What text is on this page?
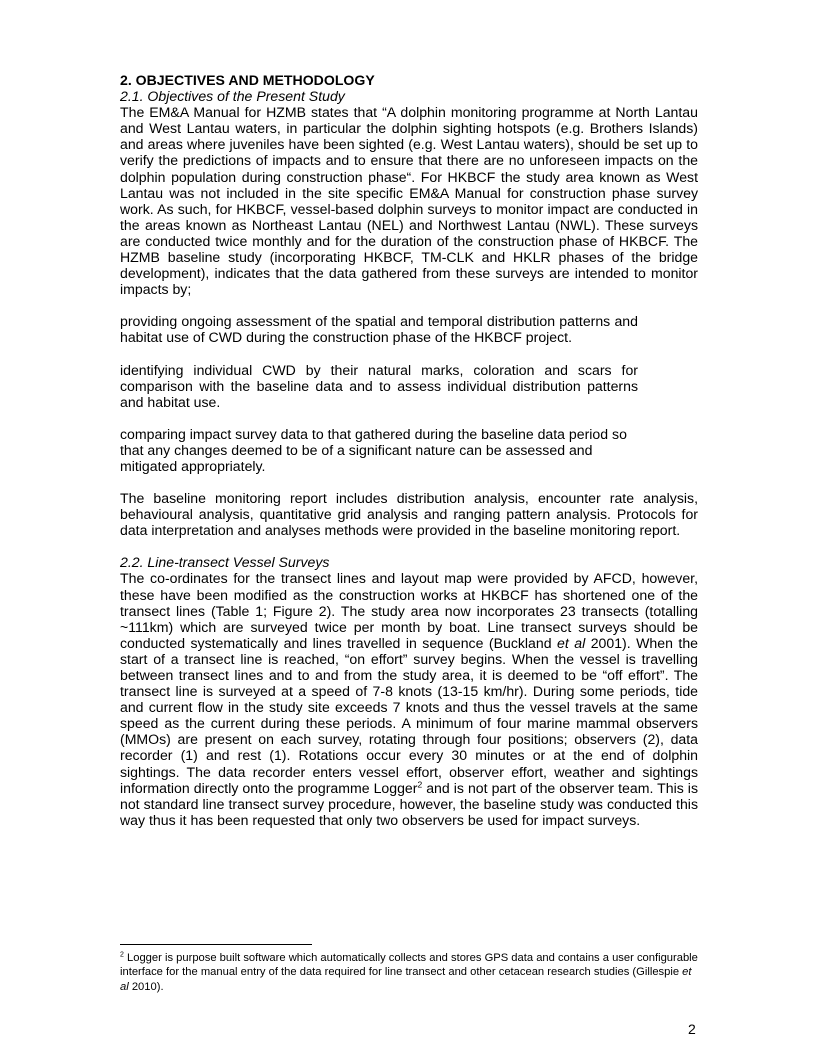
2. OBJECTIVES AND METHODOLOGY

2.1. Objectives of the Present Study

The EM&A Manual for HZMB states that “A dolphin monitoring programme at North Lantau and West Lantau waters, in particular the dolphin sighting hotspots (e.g. Brothers Islands) and areas where juveniles have been sighted (e.g. West Lantau waters), should be set up to verify the predictions of impacts and to ensure that there are no unforeseen impacts on the dolphin population during construction phase“. For HKBCF the study area known as West Lantau was not included in the site specific EM&A Manual for construction phase survey work. As such, for HKBCF, vessel-based dolphin surveys to monitor impact are conducted in the areas known as Northeast Lantau (NEL) and Northwest Lantau (NWL). These surveys are conducted twice monthly and for the duration of the construction phase of HKBCF. The HZMB baseline study (incorporating HKBCF, TM-CLK and HKLR phases of the bridge development), indicates that the data gathered from these surveys are intended to monitor impacts by;

providing ongoing assessment of the spatial and temporal distribution patterns and habitat use of CWD during the construction phase of the HKBCF project.

identifying individual CWD by their natural marks, coloration and scars for comparison with the baseline data and to assess individual distribution patterns and habitat use.

comparing impact survey data to that gathered during the baseline data period so that any changes deemed to be of a significant nature can be assessed and mitigated appropriately.

The baseline monitoring report includes distribution analysis, encounter rate analysis, behavioural analysis, quantitative grid analysis and ranging pattern analysis. Protocols for data interpretation and analyses methods were provided in the baseline monitoring report.

2.2. Line-transect Vessel Surveys

The co-ordinates for the transect lines and layout map were provided by AFCD, however, these have been modified as the construction works at HKBCF has shortened one of the transect lines (Table 1; Figure 2). The study area now incorporates 23 transects (totalling ~111km) which are surveyed twice per month by boat. Line transect surveys should be conducted systematically and lines travelled in sequence (Buckland et al 2001). When the start of a transect line is reached, “on effort” survey begins. When the vessel is travelling between transect lines and to and from the study area, it is deemed to be “off effort”. The transect line is surveyed at a speed of 7-8 knots (13-15 km/hr). During some periods, tide and current flow in the study site exceeds 7 knots and thus the vessel travels at the same speed as the current during these periods. A minimum of four marine mammal observers (MMOs) are present on each survey, rotating through four positions; observers (2), data recorder (1) and rest (1). Rotations occur every 30 minutes or at the end of dolphin sightings. The data recorder enters vessel effort, observer effort, weather and sightings information directly onto the programme Logger$^2$ and is not part of the observer team. This is not standard line transect survey procedure, however, the baseline study was conducted this way thus it has been requested that only two observers be used for impact surveys.

$^2$ Logger is purpose built software which automatically collects and stores GPS data and contains a user configurable interface for the manual entry of the data required for line transect and other cetacean research studies (Gillespie et al 2010).
2
